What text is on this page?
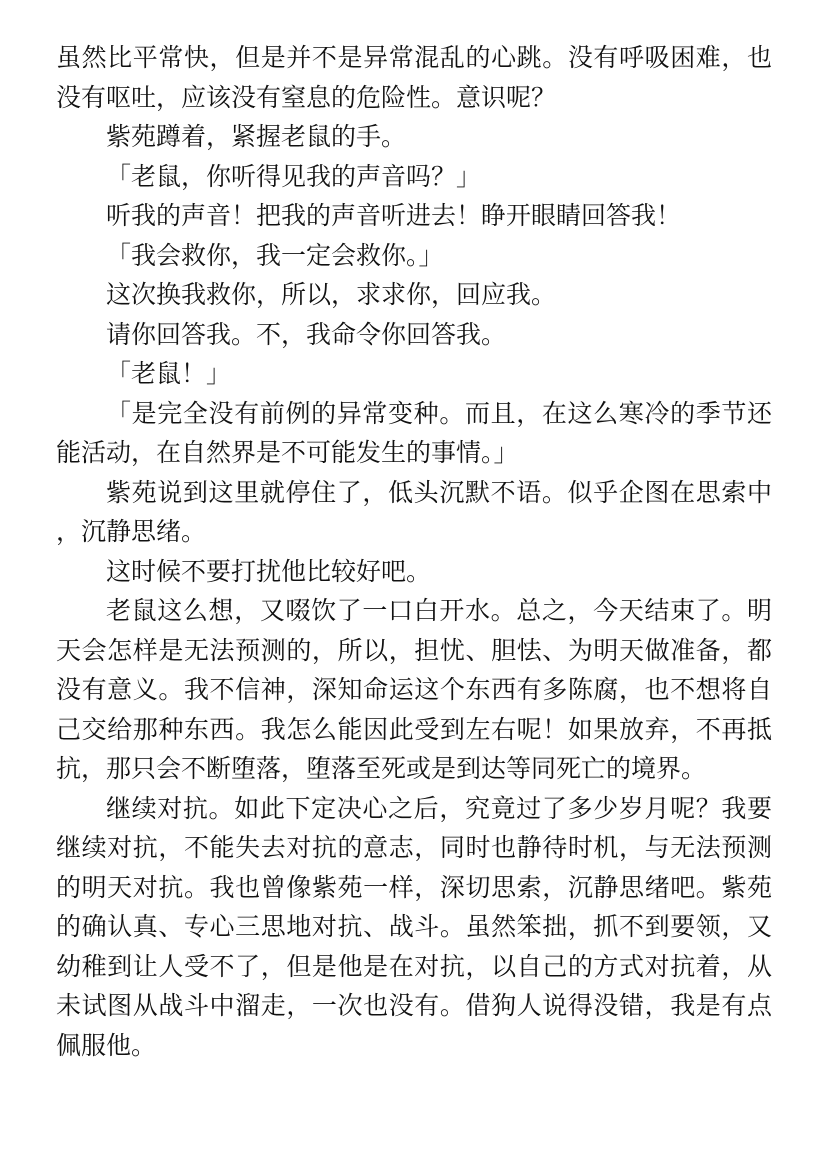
虽然比平常快，但是并不是异常混乱的心跳。没有呼吸困难，也没有呕吐，应该没有窒息的危险性。意识呢？

紫苑蹲着，紧握老鼠的手。

「老鼠，你听得见我的声音吗？」

听我的声音！把我的声音听进去！睁开眼睛回答我！

「我会救你，我一定会救你。」

这次换我救你，所以，求求你，回应我。

请你回答我。不，我命令你回答我。

「老鼠！」

「是完全没有前例的异常变种。而且，在这么寒冷的季节还能活动，在自然界是不可能发生的事情。」

紫苑说到这里就停住了，低头沉默不语。似乎企图在思索中，沉静思绪。

这时候不要打扰他比较好吧。

老鼠这么想，又啜饮了一口白开水。总之，今天结束了。明天会怎样是无法预测的，所以，担忧、胆怯、为明天做准备，都没有意义。我不信神，深知命运这个东西有多陈腐，也不想将自己交给那种东西。我怎么能因此受到左右呢！如果放弃，不再抵抗，那只会不断堕落，堕落至死或是到达等同死亡的境界。

继续对抗。如此下定决心之后，究竟过了多少岁月呢？我要继续对抗，不能失去对抗的意志，同时也静待时机，与无法预测的明天对抗。我也曾像紫苑一样，深切思索，沉静思绪吧。紫苑的确认真、专心三思地对抗、战斗。虽然笨拙，抓不到要领，又幼稚到让人受不了，但是他是在对抗，以自己的方式对抗着，从未试图从战斗中溜走，一次也没有。借狗人说得没错，我是有点佩服他。
